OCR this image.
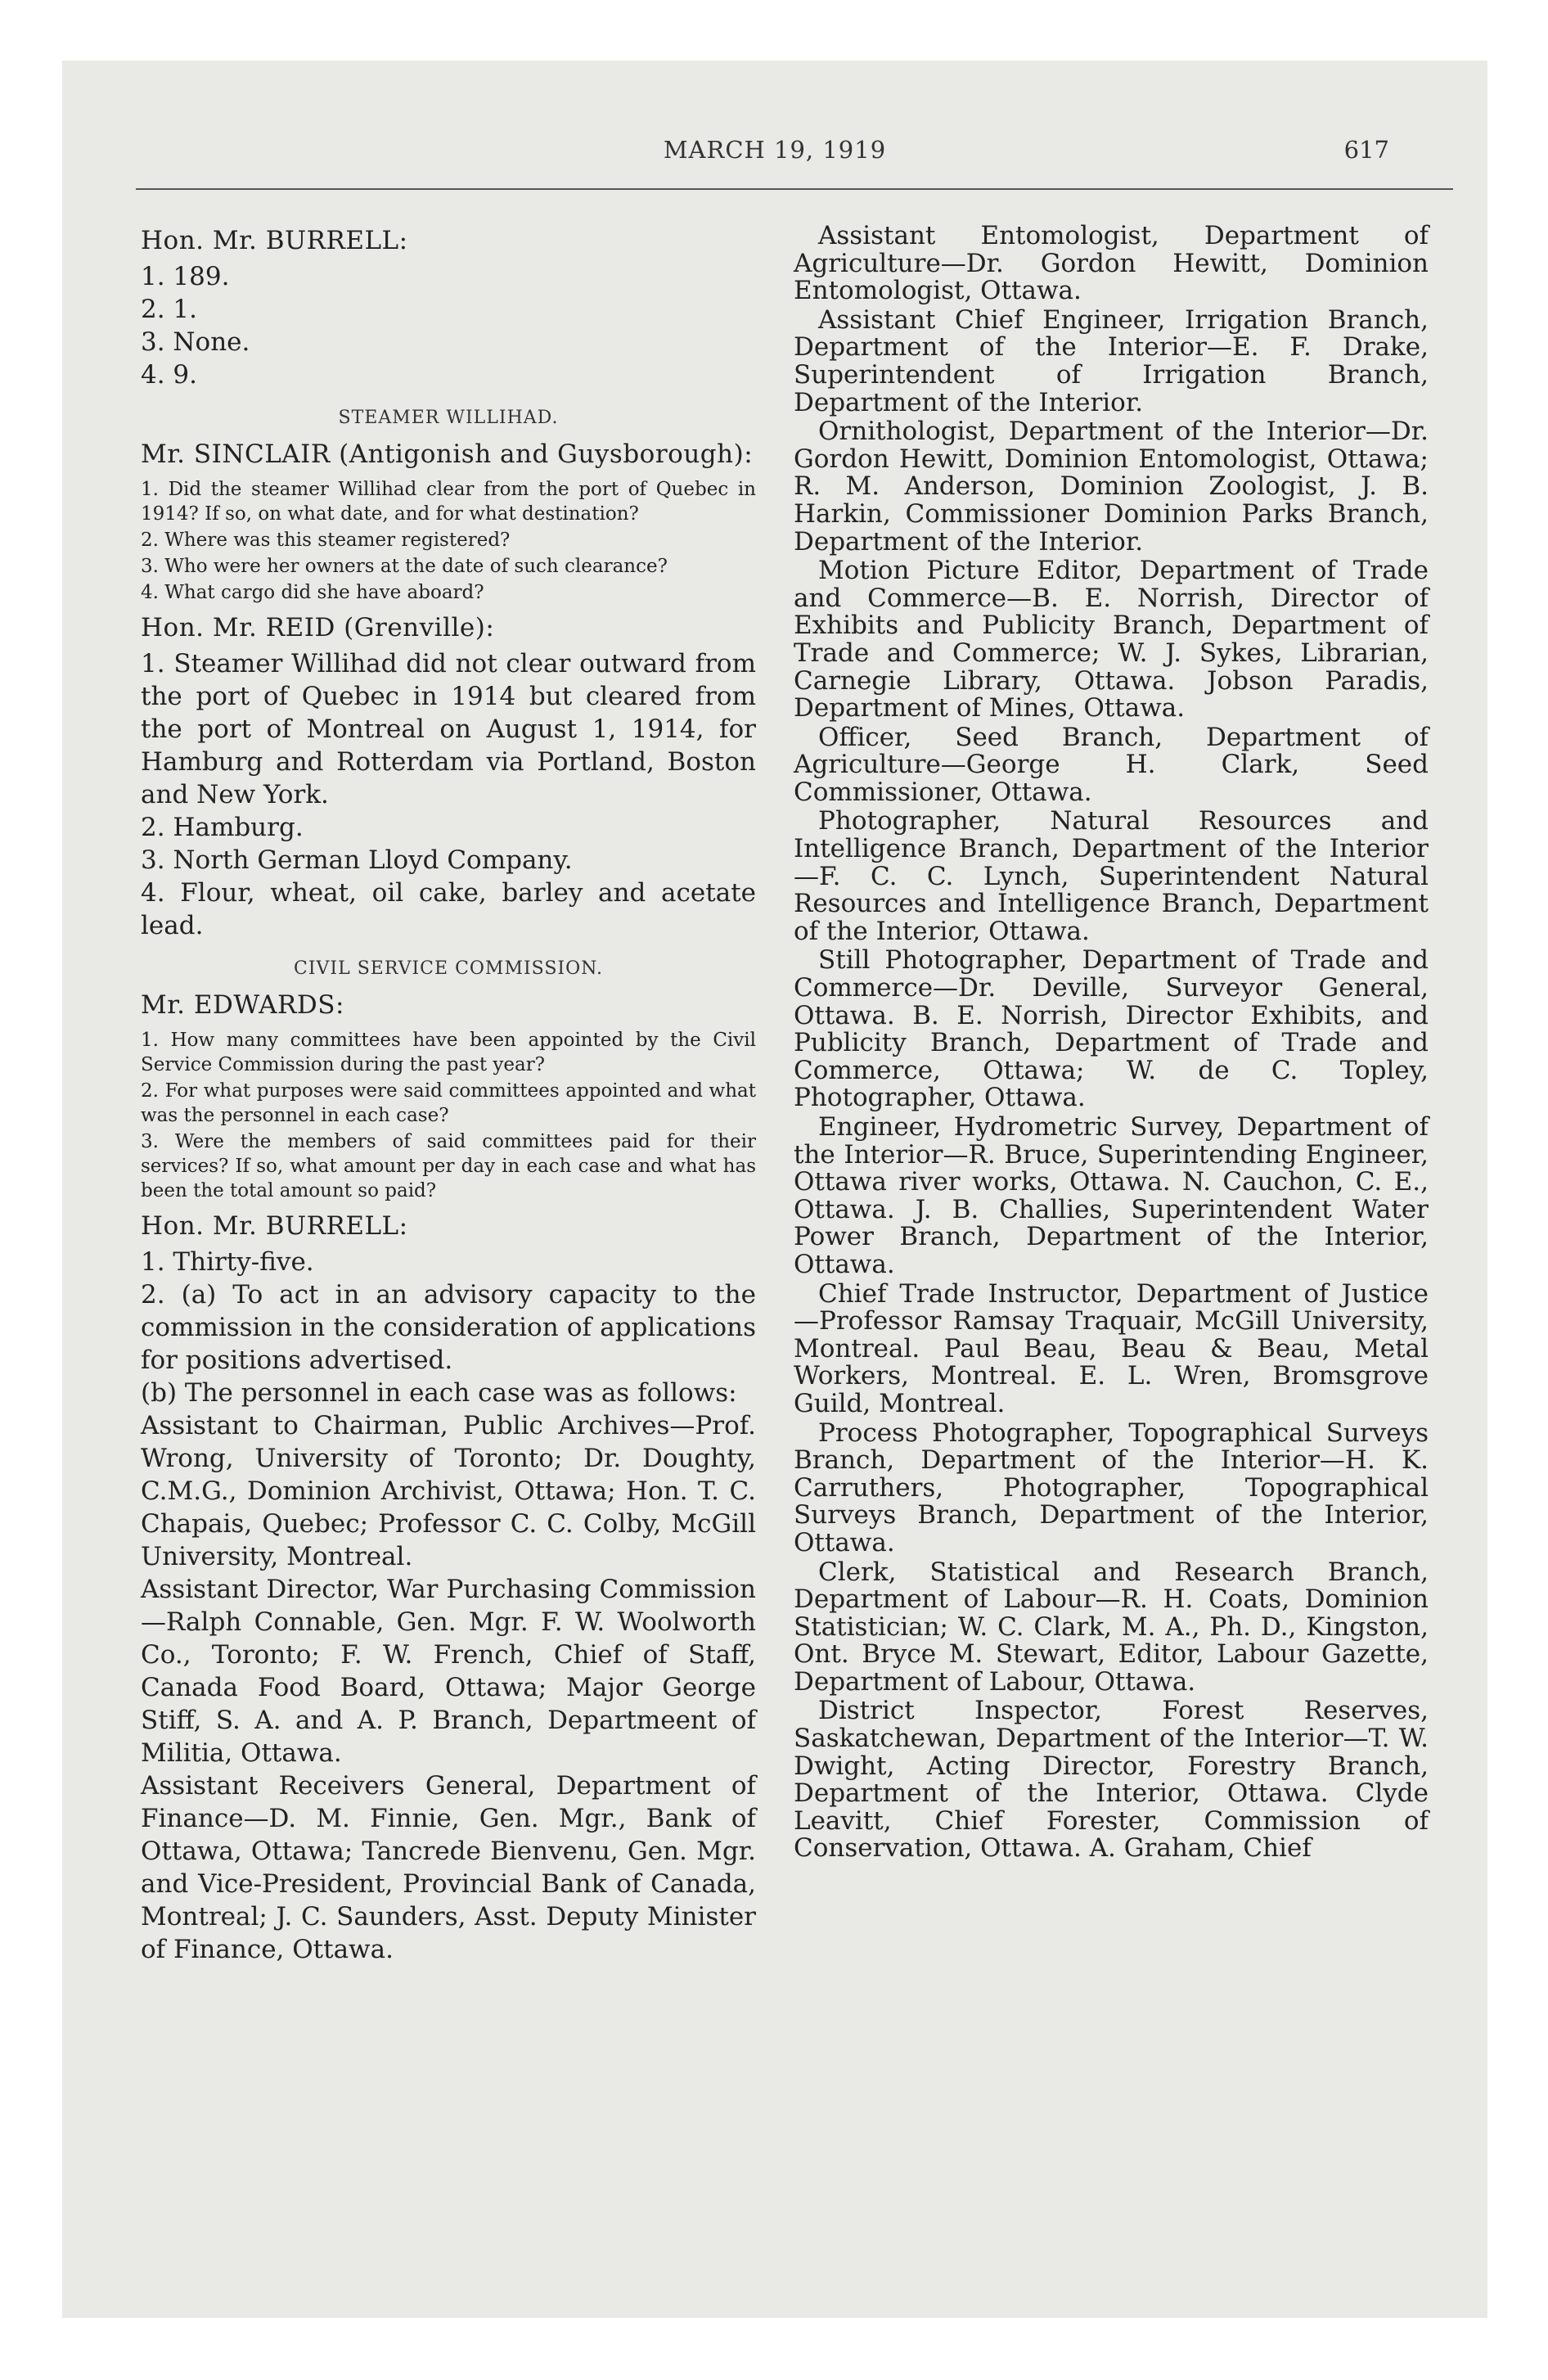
MARCH 19, 1919	617
Hon. Mr. BURRELL:

1. 189.

2. 1.

3. None.

4. 9.

STEAMER WILLIHAD.
Mr. SINCLAIR (Antigonish and Guysborough):

1. Did the steamer Willihad clear from the port of Quebec in 1914? If so, on what date, and for what destination?

2. Where was this steamer registered?

3. Who were her owners at the date of such clearance?

4. What cargo did she have aboard?

Hon. Mr. REID (Grenville):

1. Steamer Willihad did not clear outward from the port of Quebec in 1914 but cleared from the port of Montreal on August 1, 1914, for Hamburg and Rotterdam via Portland, Boston and New York.

2. Hamburg.

3. North German Lloyd Company.

4. Flour, wheat, oil cake, barley and acetate lead.

CIVIL SERVICE COMMISSION.
Mr. EDWARDS:

1. How many committees have been appointed by the Civil Service Commission during the past year?

2. For what purposes were said committees appointed and what was the personnel in each case?

3. Were the members of said committees paid for their services? If so, what amount per day in each case and what has been the total amount so paid?

Hon. Mr. BURRELL:

1. Thirty-five.

2. (a) To act in an advisory capacity to the commission in the consideration of applications for positions advertised.

(b) The personnel in each case was as follows:

Assistant to Chairman, Public Archives—Prof. Wrong, University of Toronto; Dr. Doughty, C.M.G., Dominion Archivist, Ottawa; Hon. T. C. Chapais, Quebec; Professor C. C. Colby, McGill University, Montreal.

Assistant Director, War Purchasing Commission—Ralph Connable, Gen. Mgr. F. W. Woolworth Co., Toronto; F. W. French, Chief of Staff, Canada Food Board, Ottawa; Major George Stiff, S. A. and A. P. Branch, Departmeent of Militia, Ottawa.

Assistant Receivers General, Department of Finance—D. M. Finnie, Gen. Mgr., Bank of Ottawa, Ottawa; Tancrede Bienvenu, Gen. Mgr. and Vice-President, Provincial Bank of Canada, Montreal; J. C. Saunders, Asst. Deputy Minister of Finance, Ottawa.

Assistant Entomologist, Department of Agriculture—Dr. Gordon Hewitt, Dominion Entomologist, Ottawa.

Assistant Chief Engineer, Irrigation Branch, Department of the Interior—E. F. Drake, Superintendent of Irrigation Branch, Department of the Interior.

Ornithologist, Department of the Interior—Dr. Gordon Hewitt, Dominion Entomologist, Ottawa; R. M. Anderson, Dominion Zoologist, J. B. Harkin, Commissioner Dominion Parks Branch, Department of the Interior.

Motion Picture Editor, Department of Trade and Commerce—B. E. Norrish, Director of Exhibits and Publicity Branch, Department of Trade and Commerce; W. J. Sykes, Librarian, Carnegie Library, Ottawa. Jobson Paradis, Department of Mines, Ottawa.

Officer, Seed Branch, Department of Agriculture—George H. Clark, Seed Commissioner, Ottawa.

Photographer, Natural Resources and Intelligence Branch, Department of the Interior—F. C. C. Lynch, Superintendent Natural Resources and Intelligence Branch, Department of the Interior, Ottawa.

Still Photographer, Department of Trade and Commerce—Dr. Deville, Surveyor General, Ottawa. B. E. Norrish, Director Exhibits, and Publicity Branch, Department of Trade and Commerce, Ottawa; W. de C. Topley, Photographer, Ottawa.

Engineer, Hydrometric Survey, Department of the Interior—R. Bruce, Superintending Engineer, Ottawa river works, Ottawa. N. Cauchon, C. E., Ottawa. J. B. Challies, Superintendent Water Power Branch, Department of the Interior, Ottawa.

Chief Trade Instructor, Department of Justice—Professor Ramsay Traquair, McGill University, Montreal. Paul Beau, Beau & Beau, Metal Workers, Montreal. E. L. Wren, Bromsgrove Guild, Montreal.

Process Photographer, Topographical Surveys Branch, Department of the Interior—H. K. Carruthers, Photographer, Topographical Surveys Branch, Department of the Interior, Ottawa.

Clerk, Statistical and Research Branch, Department of Labour—R. H. Coats, Dominion Statistician; W. C. Clark, M. A., Ph. D., Kingston, Ont. Bryce M. Stewart, Editor, Labour Gazette, Department of Labour, Ottawa.

District Inspector, Forest Reserves, Saskatchewan, Department of the Interior—T. W. Dwight, Acting Director, Forestry Branch, Department of the Interior, Ottawa. Clyde Leavitt, Chief Forester, Commission of Conservation, Ottawa. A. Graham, Chief
